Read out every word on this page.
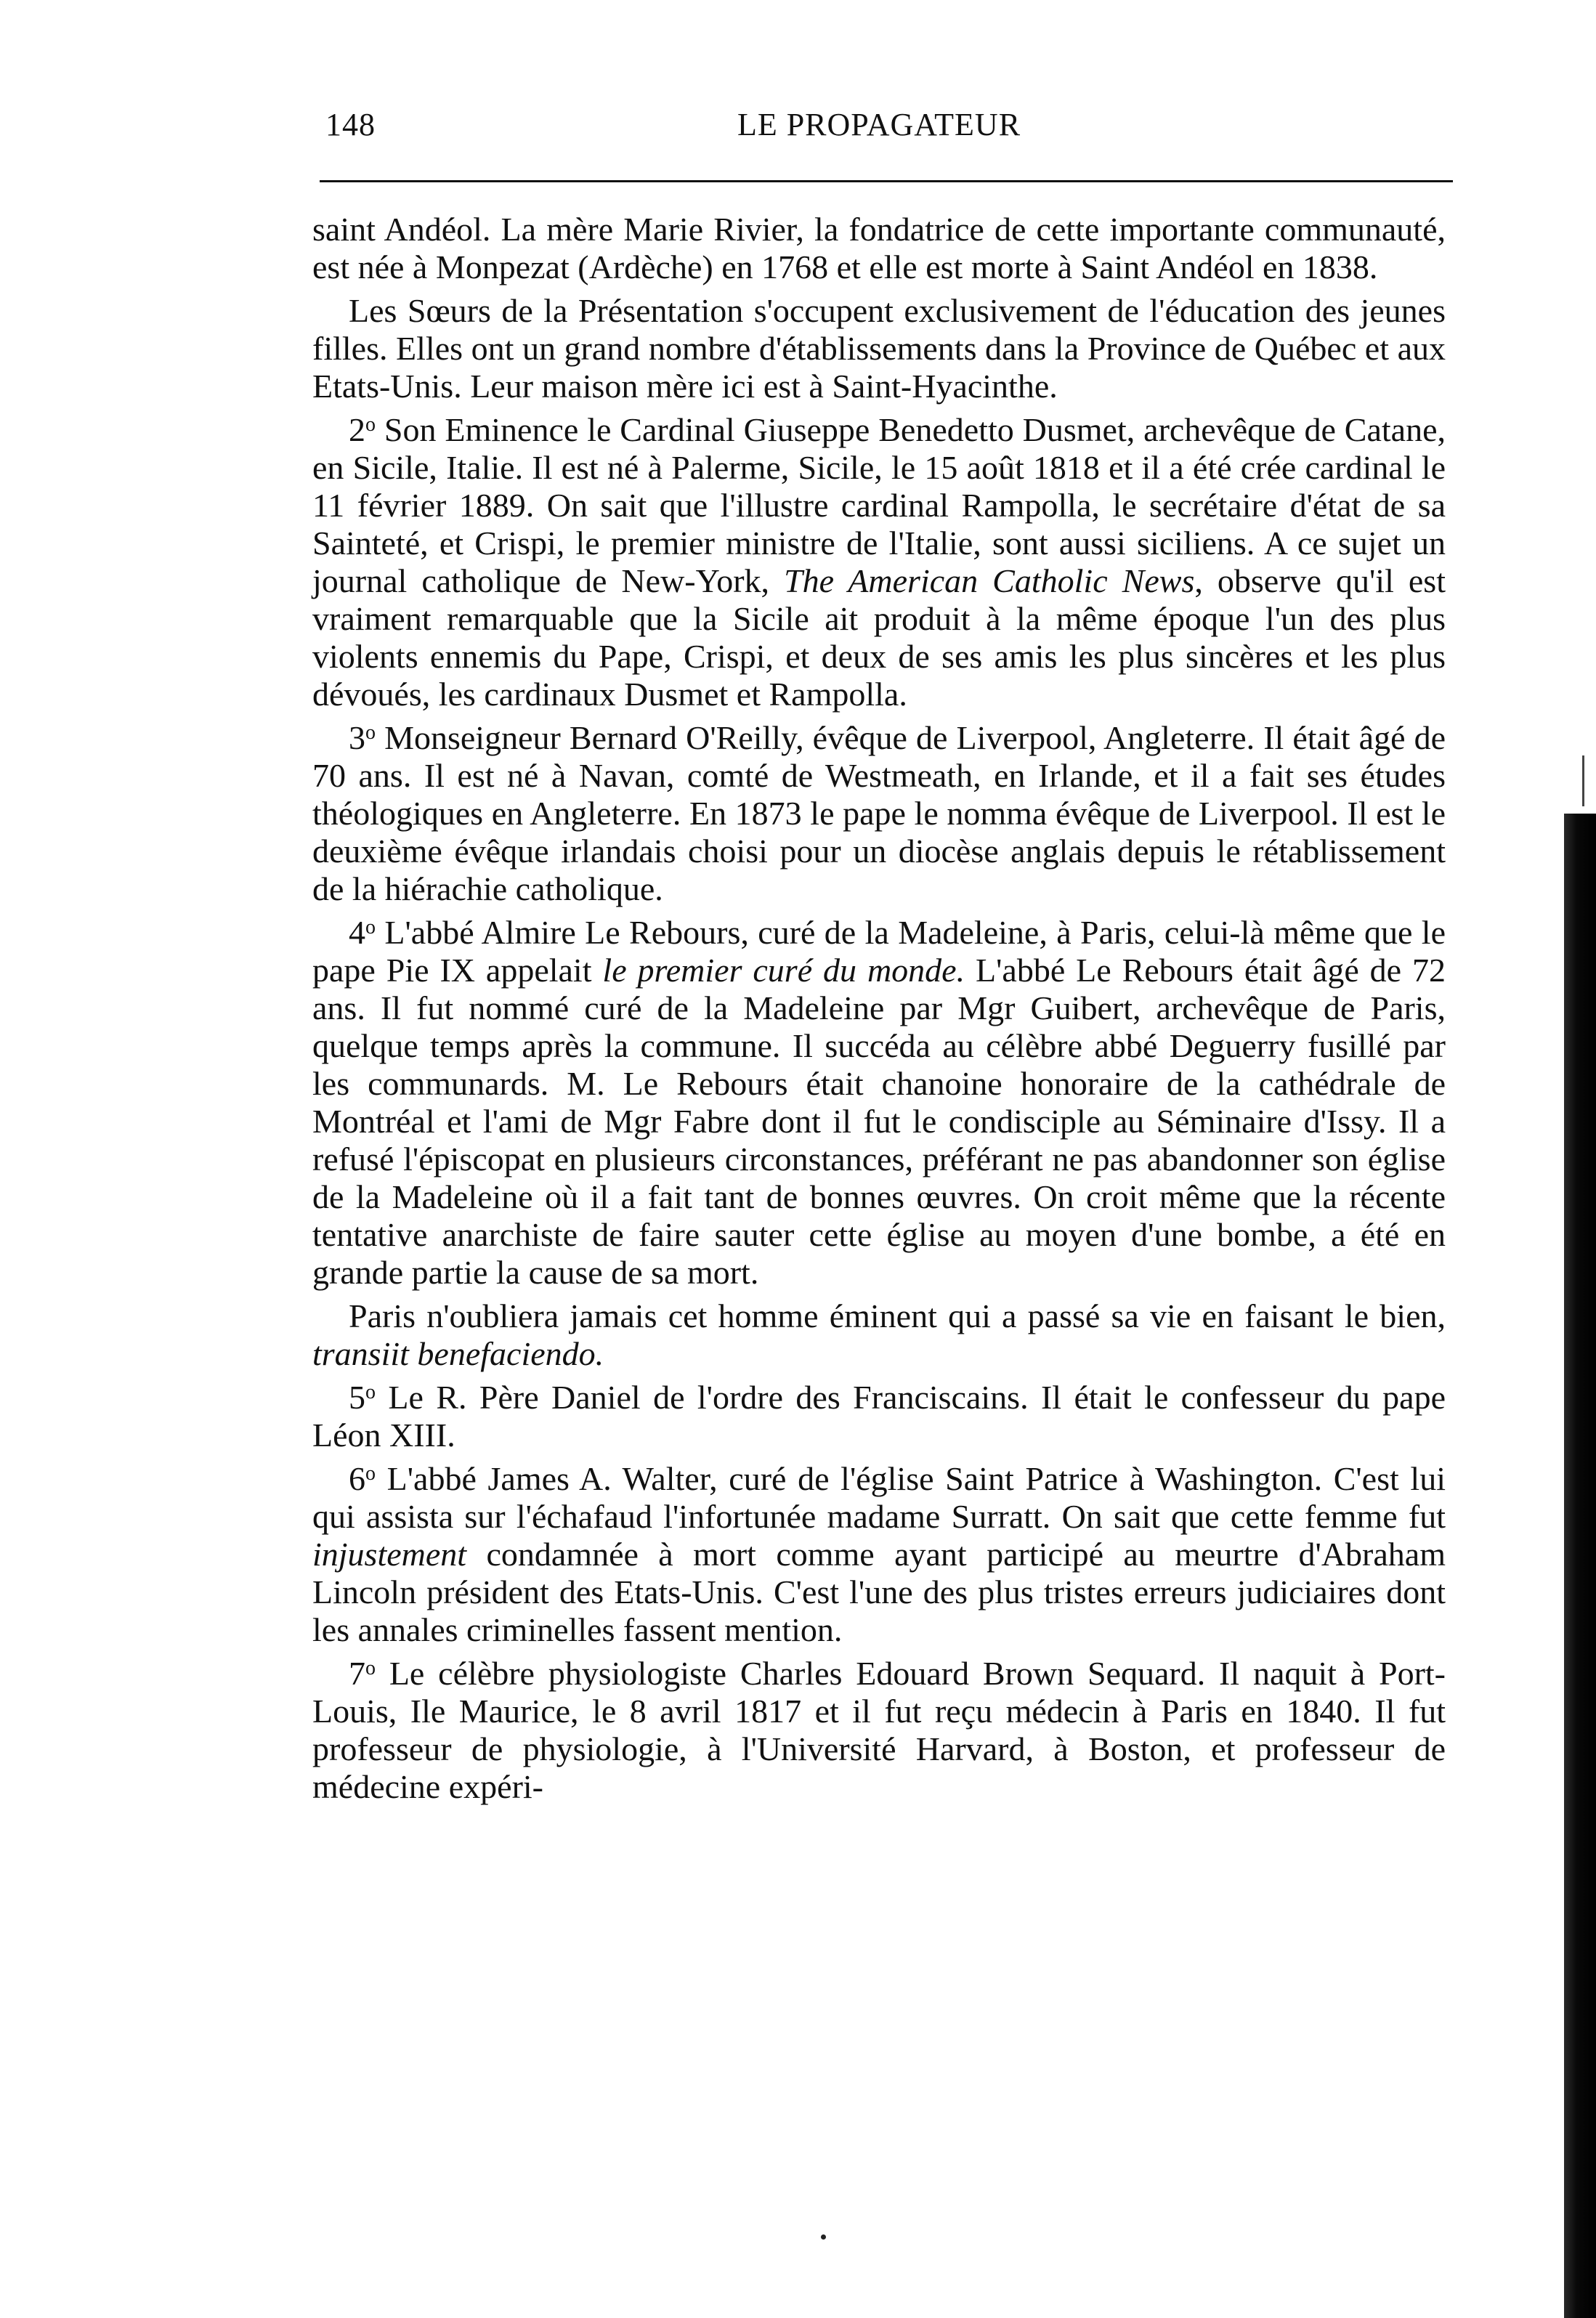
148	LE PROPAGATEUR

saint Andéol. La mère Marie Rivier, la fondatrice de cette importante communauté, est née à Monpezat (Ardèche) en 1768 et elle est morte à Saint Andéol en 1838.

Les Sœurs de la Présentation s'occupent exclusivement de l'éducation des jeunes filles. Elles ont un grand nombre d'établissements dans la Province de Québec et aux Etats-Unis. Leur maison mère ici est à Saint-Hyacinthe.

2$^o$ Son Eminence le Cardinal Giuseppe Benedetto Dusmet, archevêque de Catane, en Sicile, Italie. Il est né à Palerme, Sicile, le 15 août 1818 et il a été crée cardinal le 11 février 1889. On sait que l'illustre cardinal Rampolla, le secrétaire d'état de sa Sainteté, et Crispi, le premier ministre de l'Italie, sont aussi siciliens. A ce sujet un journal catholique de New-York, The American Catholic News, observe qu'il est vraiment remarquable que la Sicile ait produit à la même époque l'un des plus violents ennemis du Pape, Crispi, et deux de ses amis les plus sincères et les plus dévoués, les cardinaux Dusmet et Rampolla.

3$^o$ Monseigneur Bernard O'Reilly, évêque de Liverpool, Angleterre. Il était âgé de 70 ans. Il est né à Navan, comté de Westmeath, en Irlande, et il a fait ses études théologiques en Angleterre. En 1873 le pape le nomma évêque de Liverpool. Il est le deuxième évêque irlandais choisi pour un diocèse anglais depuis le rétablissement de la hiérachie catholique.

4$^o$ L'abbé Almire Le Rebours, curé de la Madeleine, à Paris, celui-là même que le pape Pie IX appelait le premier curé du monde. L'abbé Le Rebours était âgé de 72 ans. Il fut nommé curé de la Madeleine par Mgr Guibert, archevêque de Paris, quelque temps après la commune. Il succéda au célèbre abbé Deguerry fusillé par les communards. M. Le Rebours était chanoine honoraire de la cathédrale de Montréal et l'ami de Mgr Fabre dont il fut le condisciple au Séminaire d'Issy. Il a refusé l'épiscopat en plusieurs circonstances, préférant ne pas abandonner son église de la Madeleine où il a fait tant de bonnes œuvres. On croit même que la récente tentative anarchiste de faire sauter cette église au moyen d'une bombe, a été en grande partie la cause de sa mort.

Paris n'oubliera jamais cet homme éminent qui a passé sa vie en faisant le bien, transiit benefaciendo.

5$^o$ Le R. Père Daniel de l'ordre des Franciscains. Il était le confesseur du pape Léon XIII.

6$^o$ L'abbé James A. Walter, curé de l'église Saint Patrice à Washington. C'est lui qui assista sur l'échafaud l'infortunée madame Surratt. On sait que cette femme fut injustement condamnée à mort comme ayant participé au meurtre d'Abraham Lincoln président des Etats-Unis. C'est l'une des plus tristes erreurs judiciaires dont les annales criminelles fassent mention.

7$^o$ Le célèbre physiologiste Charles Edouard Brown Sequard. Il naquit à Port-Louis, Ile Maurice, le 8 avril 1817 et il fut reçu médecin à Paris en 1840. Il fut professeur de physiologie, à l'Université Harvard, à Boston, et professeur de médecine expéri-
